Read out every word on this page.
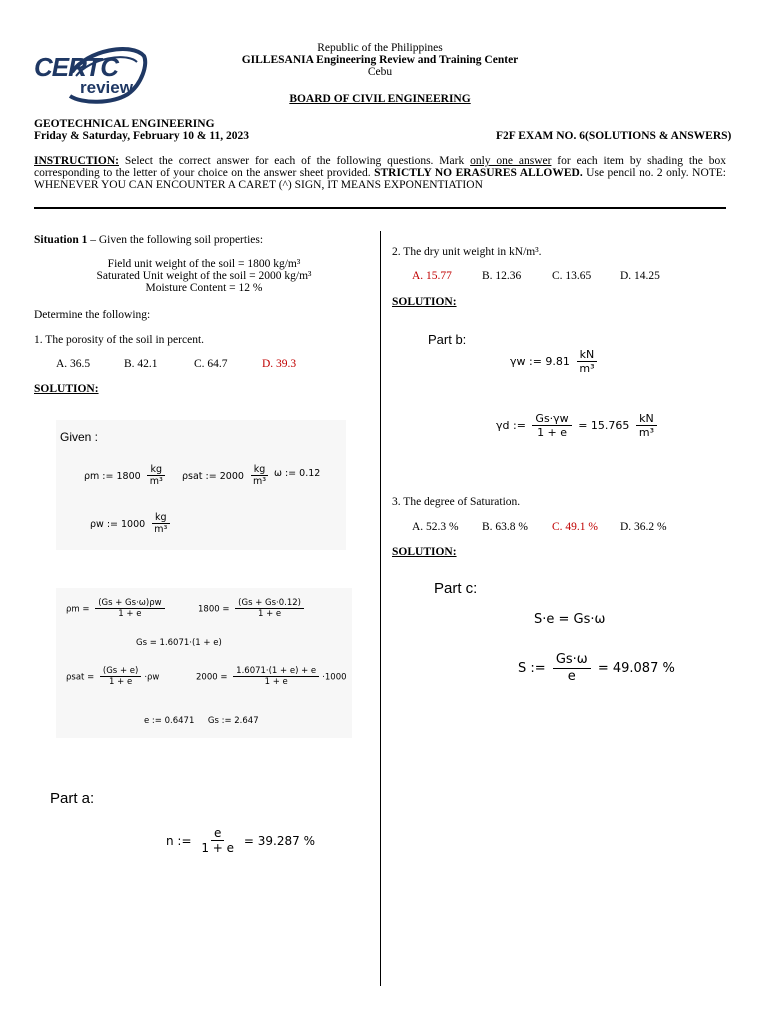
CERTC
review
Republic of the Philippines
GILLESANIA Engineering Review and Training Center
Cebu
BOARD OF CIVIL ENGINEERING
GEOTECHNICAL ENGINEERING
Friday & Saturday, February 10 & 11, 2023	F2F EXAM NO. 6(SOLUTIONS & ANSWERS)
INSTRUCTION: Select the correct answer for each of the following questions. Mark only one answer for each item by shading the box corresponding to the letter of your choice on the answer sheet provided. STRICTLY NO ERASURES ALLOWED. Use pencil no. 2 only. NOTE: WHENEVER YOU CAN ENCOUNTER A CARET (^) SIGN, IT MEANS EXPONENTIATION
Situation 1 – Given the following soil properties:
Field unit weight of the soil = 1800 kg/m³
Saturated Unit weight of the soil = 2000 kg/m³
Moisture Content = 12 %
Determine the following:
1. The porosity of the soil in percent.
A. 36.5	B. 42.1	C. 64.7	D. 39.3
SOLUTION:
Given :
ρm := $1800 \frac{kg}{\text{m³}}$ ρsat := $2000 \frac{kg}{\text{m³}}$ ω := 0.12
ρw := $1000 \frac{kg}{\text{m³}}$
$\rho m = \frac{(Gs + Gs\cdot\omega)\rho w}{1 + e}$	$1800 = \frac{(Gs + Gs\cdot 0.12)}{1 + e}$
Gs = 1.6071·(1 + e)
$\rho sat = \frac{(Gs + e)}{1 + e} \cdot\rho w$	$2000 = \frac{1.6071\cdot(1 + e) + e}{1 + e} \cdot 1000$
e := 0.6471     Gs := 2.647
Part a:
n := $\frac{e}{1 + e} = 39.287$ %
2. The dry unit weight in kN/m³.
A. 15.77	B. 12.36	C. 13.65 D. 14.25
SOLUTION:
Part b:
γw := $9.81 \frac{kN}{\text{m³}}$
γd := $\frac{Gs\cdot\gamma w}{1 + e} = 15.765 \frac{kN}{\text{m³}}$
3. The degree of Saturation.
A. 52.3 % B. 63.8 % C. 49.1 % D. 36.2 %
SOLUTION:
Part c:
S·e = Gs·ω
S := $\frac{Gs\cdot\omega}{e} = 49.087$ %
